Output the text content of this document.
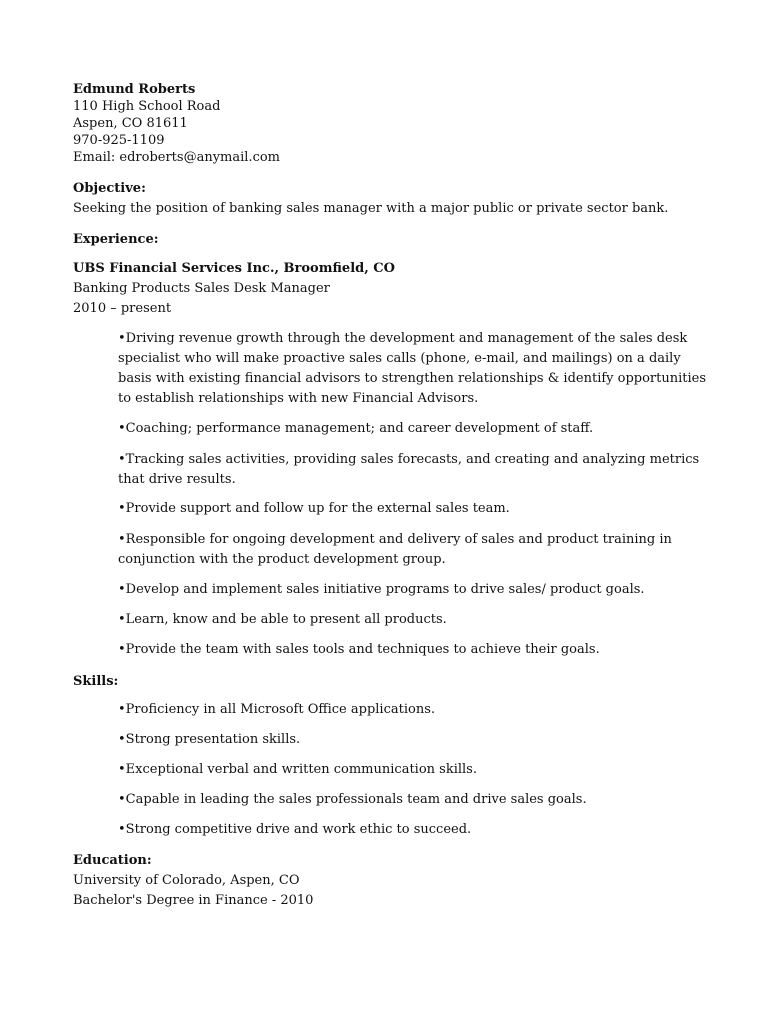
Edmund Roberts
110 High School Road
Aspen, CO 81611
970-925-1109
Email: edroberts@anymail.com
Objective:
Seeking the position of banking sales manager with a major public or private sector bank.
Experience:
UBS Financial Services Inc., Broomfield, CO
Banking Products Sales Desk Manager
2010 – present
•Driving revenue growth through the development and management of the sales desk specialist who will make proactive sales calls (phone, e-mail, and mailings) on a daily basis with existing financial advisors to strengthen relationships & identify opportunities to establish relationships with new Financial Advisors.
•Coaching; performance management; and career development of staff.
•Tracking sales activities, providing sales forecasts, and creating and analyzing metrics that drive results.
•Provide support and follow up for the external sales team.
•Responsible for ongoing development and delivery of sales and product training in conjunction with the product development group.
•Develop and implement sales initiative programs to drive sales/ product goals.
•Learn, know and be able to present all products.
•Provide the team with sales tools and techniques to achieve their goals.
Skills:
•Proficiency in all Microsoft Office applications.
•Strong presentation skills.
•Exceptional verbal and written communication skills.
•Capable in leading the sales professionals team and drive sales goals.
•Strong competitive drive and work ethic to succeed.
Education:
University of Colorado, Aspen, CO
Bachelor's Degree in Finance - 2010
